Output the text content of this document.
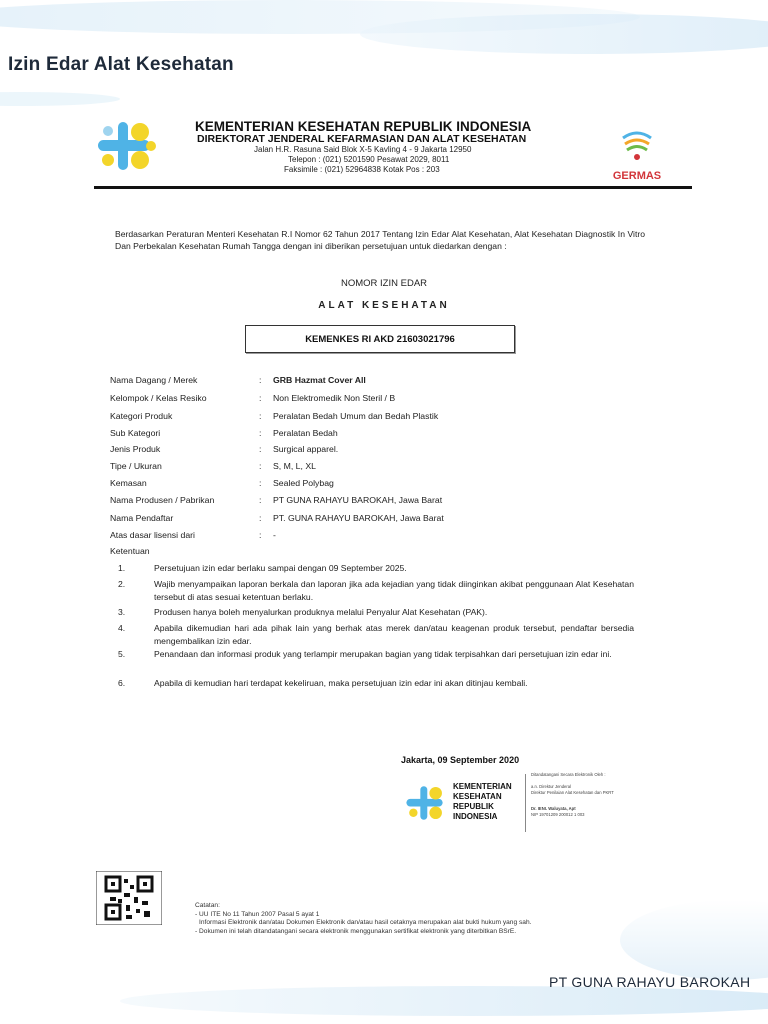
Izin Edar Alat Kesehatan
KEMENTERIAN KESEHATAN REPUBLIK INDONESIA
DIREKTORAT JENDERAL KEFARMASIAN DAN ALAT KESEHATAN
Jalan H.R. Rasuna Said Blok X-5 Kavling 4 - 9 Jakarta 12950
Telepon : (021) 5201590 Pesawat 2029, 8011
Faksimile : (021) 52964838 Kotak Pos : 203
GERMAS
Berdasarkan Peraturan Menteri Kesehatan R.I Nomor 62 Tahun 2017 Tentang Izin Edar Alat Kesehatan, Alat Kesehatan Diagnostik In Vitro Dan Perbekalan Kesehatan Rumah Tangga dengan ini diberikan persetujuan untuk diedarkan dengan :
NOMOR IZIN EDAR
ALAT KESEHATAN
KEMENKES RI AKD 21603021796
Nama Dagang / Merek	: GRB Hazmat Cover All
Kelompok / Kelas Resiko	: Non Elektromedik Non Steril / B
Kategori Produk	: Peralatan Bedah Umum dan Bedah Plastik
Sub Kategori	: Peralatan Bedah
Jenis Produk	: Surgical apparel.
Tipe / Ukuran	: S, M, L, XL
Kemasan	: Sealed Polybag
Nama Produsen / Pabrikan	: PT GUNA RAHAYU BAROKAH, Jawa Barat
Nama Pendaftar	: PT. GUNA RAHAYU BAROKAH, Jawa Barat
Atas dasar lisensi dari	: -
Ketentuan
1.	Persetujuan izin edar berlaku sampai dengan 09 September 2025.
2.	Wajib menyampaikan laporan berkala dan laporan jika ada kejadian yang tidak diinginkan akibat penggunaan Alat Kesehatan tersebut di atas sesuai ketentuan berlaku.
3.	Produsen hanya boleh menyalurkan produknya melalui Penyalur Alat Kesehatan (PAK).
4.	Apabila dikemudian hari ada pihak lain yang berhak atas merek dan/atau keagenan produk tersebut, pendaftar bersedia mengembalikan izin edar.
5.	Penandaan dan informasi produk yang terlampir merupakan bagian yang tidak terpisahkan dari persetujuan izin edar ini.
6.	Apabila di kemudian hari terdapat kekeliruan, maka persetujuan izin edar ini akan ditinjau kembali.
Jakarta, 09 September 2020
KEMENTERIAN
KESEHATAN
REPUBLIK
INDONESIA
Ditandatangani Secara Elektronik Oleh :
a.n. Direktur Jenderal
Direktur Penilaian Alat Kesehatan dan PKRT
Dr. IENI. Waluyata, Apt
NIP 19701209 200012 1 003
Catatan:
- UU ITE No 11 Tahun 2007 Pasal 5 ayat 1
Informasi Elektronik dan/atau Dokumen Elektronik dan/atau hasil cetaknya merupakan alat bukti hukum yang sah.
- Dokumen ini telah ditandatangani secara elektronik menggunakan sertifikat elektronik yang diterbitkan BSrE.
PT GUNA RAHAYU BAROKAH
